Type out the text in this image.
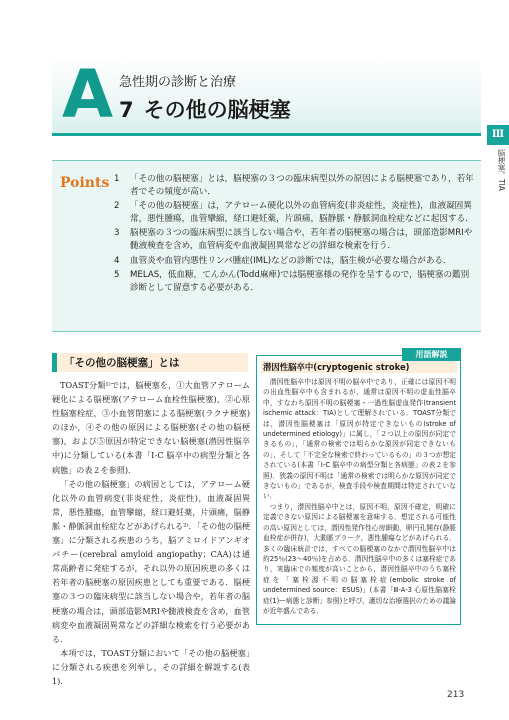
A 急性期の診断と治療
7 その他の脳梗塞
Ⅲ
脳梗塞，TIA
Points 1 「その他の脳梗塞」とは，脳梗塞の３つの臨床病型以外の原因による脳梗塞であり，若年者でその頻度が高い．
2 「その他の脳梗塞」は，アテローム硬化以外の血管病変(非炎症性，炎症性)，血液凝固異常，悪性腫瘍，血管攣縮，経口避妊薬，片頭痛，脳静脈・静脈洞血栓症などに起因する．
3 脳梗塞の３つの臨床病型に該当しない場合や，若年者の脳梗塞の場合は，頭部造影MRIや髄液検査を含め，血管病変や血液凝固異常などの詳細な検索を行う．
4 血管炎や血管内悪性リンパ腫症(IML)などの診断では，脳生検が必要な場合がある．
5 MELAS，低血糖，てんかん(Todd麻痺)では脳梗塞様の発作を呈するので，脳梗塞の鑑別診断として留意する必要がある．
「その他の脳梗塞」とは

TOAST分類¹⁾では，脳梗塞を，①大血管アテローム硬化による脳梗塞(アテローム血栓性脳梗塞)，②心原性脳塞栓症，③小血管閉塞による脳梗塞(ラクナ梗塞)のほか，④その他の原因による脳梗塞(その他の脳梗塞)，および⑤原因が特定できない脳梗塞(潜因性脳卒中)に分類している(本書「Ⅰ-C 脳卒中の病型分類と各病態」の表２を参照)．

「その他の脳梗塞」の病因としては，アテローム硬化以外の血管病変(非炎症性，炎症性)，血液凝固異常，悪性腫瘍，血管攣縮，経口避妊薬，片頭痛，脳静脈・静脈洞血栓症などがあげられる²⁾．「その他の脳梗塞」に分類される疾患のうち，脳アミロイドアンギオパチー(cerebral amyloid angiopathy；CAA)は通常高齢者に発症するが，それ以外の原因疾患の多くは若年者の脳梗塞の原因疾患としても重要である．脳梗塞の３つの臨床病型に該当しない場合や，若年者の脳梗塞の場合は，頭部造影MRIや髄液検査を含め，血管病変や血液凝固異常などの詳細な検索を行う必要がある．

本項では，TOAST分類において「その他の脳梗塞」に分類される疾患を列挙し，その詳細を解説する(表1)．

用語解説
潜因性脳卒中(cryptogenic stroke)

潜因性脳卒中は原因不明の脳卒中であり，正確には原因不明の出血性脳卒中も含まれるが，通常は原因不明の虚血性脳卒中，すなわち原因不明の脳梗塞・一過性脳虚血発作(transient ischemic attack：TIA)として理解されている．TOAST分類では，潜因性脳梗塞は「原因が特定できないもの(stroke of undetermined etiology)」に属し，「２つ以上の原因が同定できるもの」，「通常の検索では明らかな原因が同定できないもの」，そして「不完全な検索で終わっているもの」の３つが想定されている(本書「Ⅰ-C 脳卒中の病型分類と各病態」の表２を参照)．狭義の原因不明は「通常の検索では明らかな原因が同定できないもの」であるが，検査手段や検査期間は特定されていない．

つまり，潜因性脳卒中とは，原因不明，原因不確定，明確に定義できない原因による脳梗塞を意味する．想定される可能性の高い原因としては，潜因性発作性心房細動，卵円孔開存(静脈血栓症が併存)，大動脈プラーク，悪性腫瘍などがあげられる．多くの臨床統計では，すべての脳梗塞のなかで潜因性脳卒中は約25％(23〜40％)を占める．潜因性脳卒中の多くは塞栓症であり，実臨床での頻度が高いことから，潜因性脳卒中のうち塞栓症を「塞栓源不明の脳塞栓症(embolic stroke of undetermined source：ESUS)」(本書「Ⅲ-A-3 心原性脳塞栓症(1)—病態と診断」参照)と呼び，適切な治療選択のための議論が近年盛んである．

213
